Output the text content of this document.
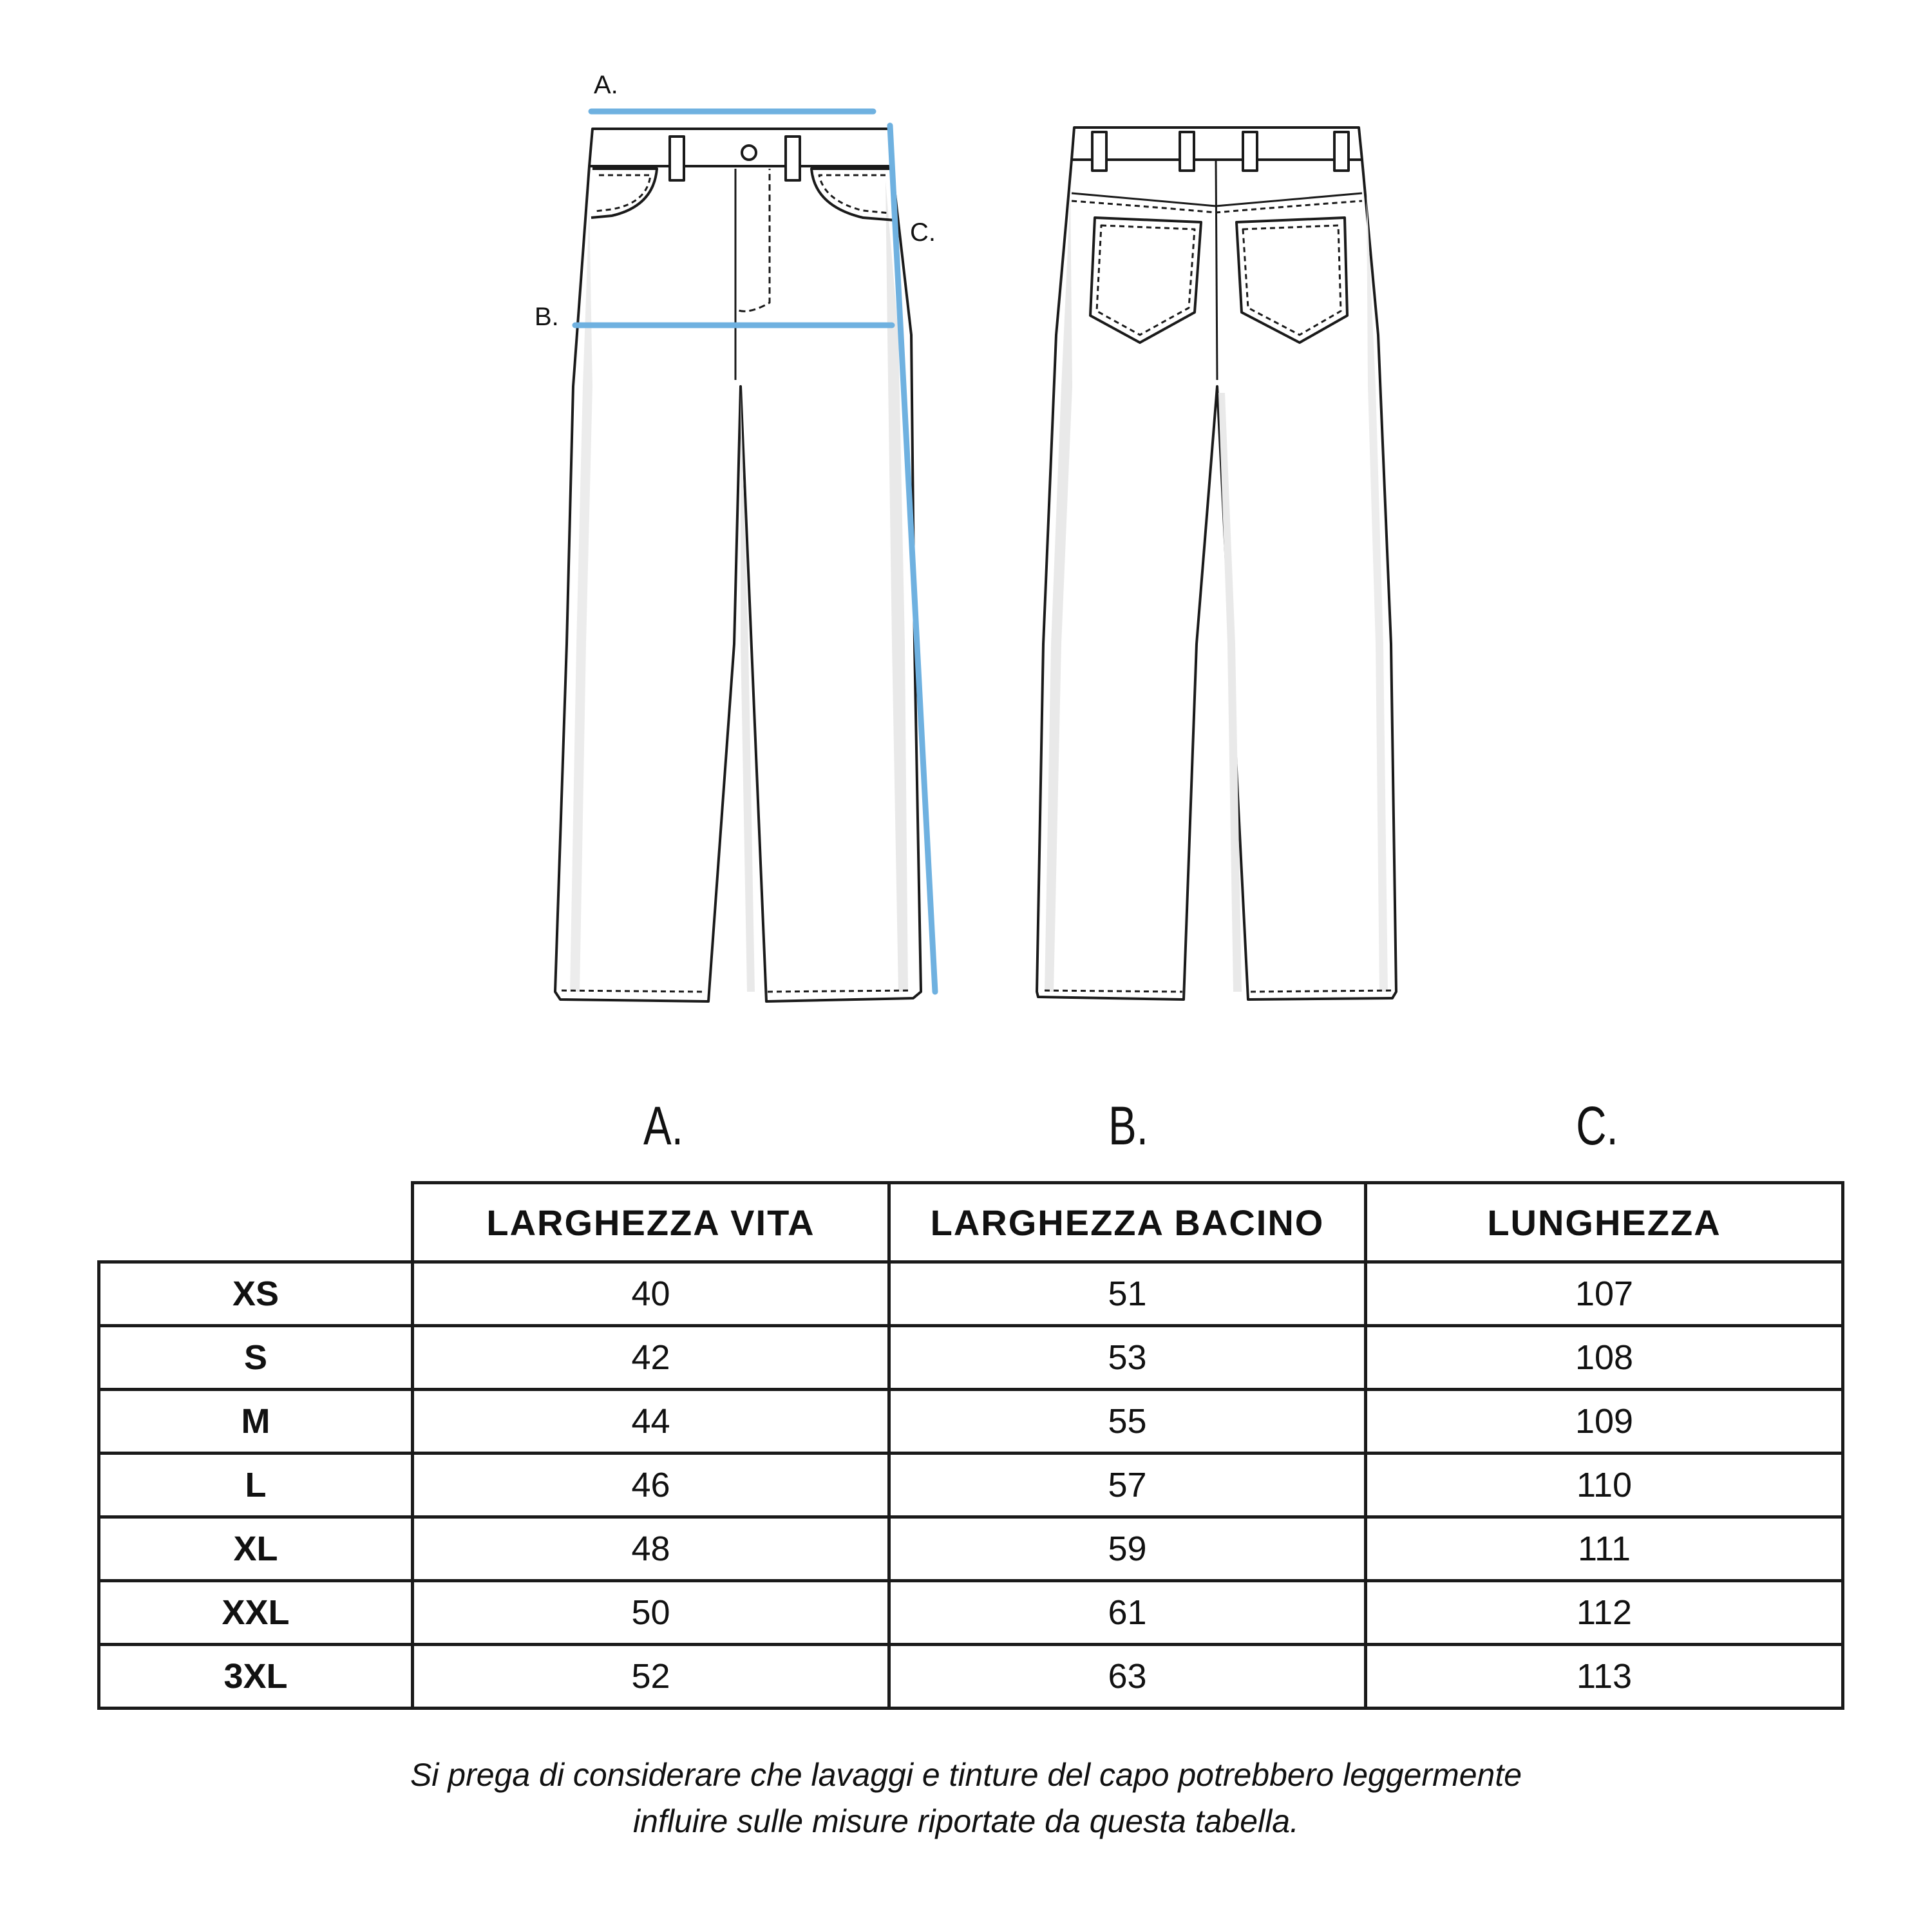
A.
B.
C.
A.	B.	C.
	LARGHEZZA VITA	LARGHEZZA BACINO	LUNGHEZZA
XS	40	51	107
S	42	53	108
M	44	55	109
L	46	57	110
XL	48	59	111
XXL	50	61	112
3XL	52	63	113
Si prega di considerare che lavaggi e tinture del capo potrebbero leggermente
influire sulle misure riportate da questa tabella.
